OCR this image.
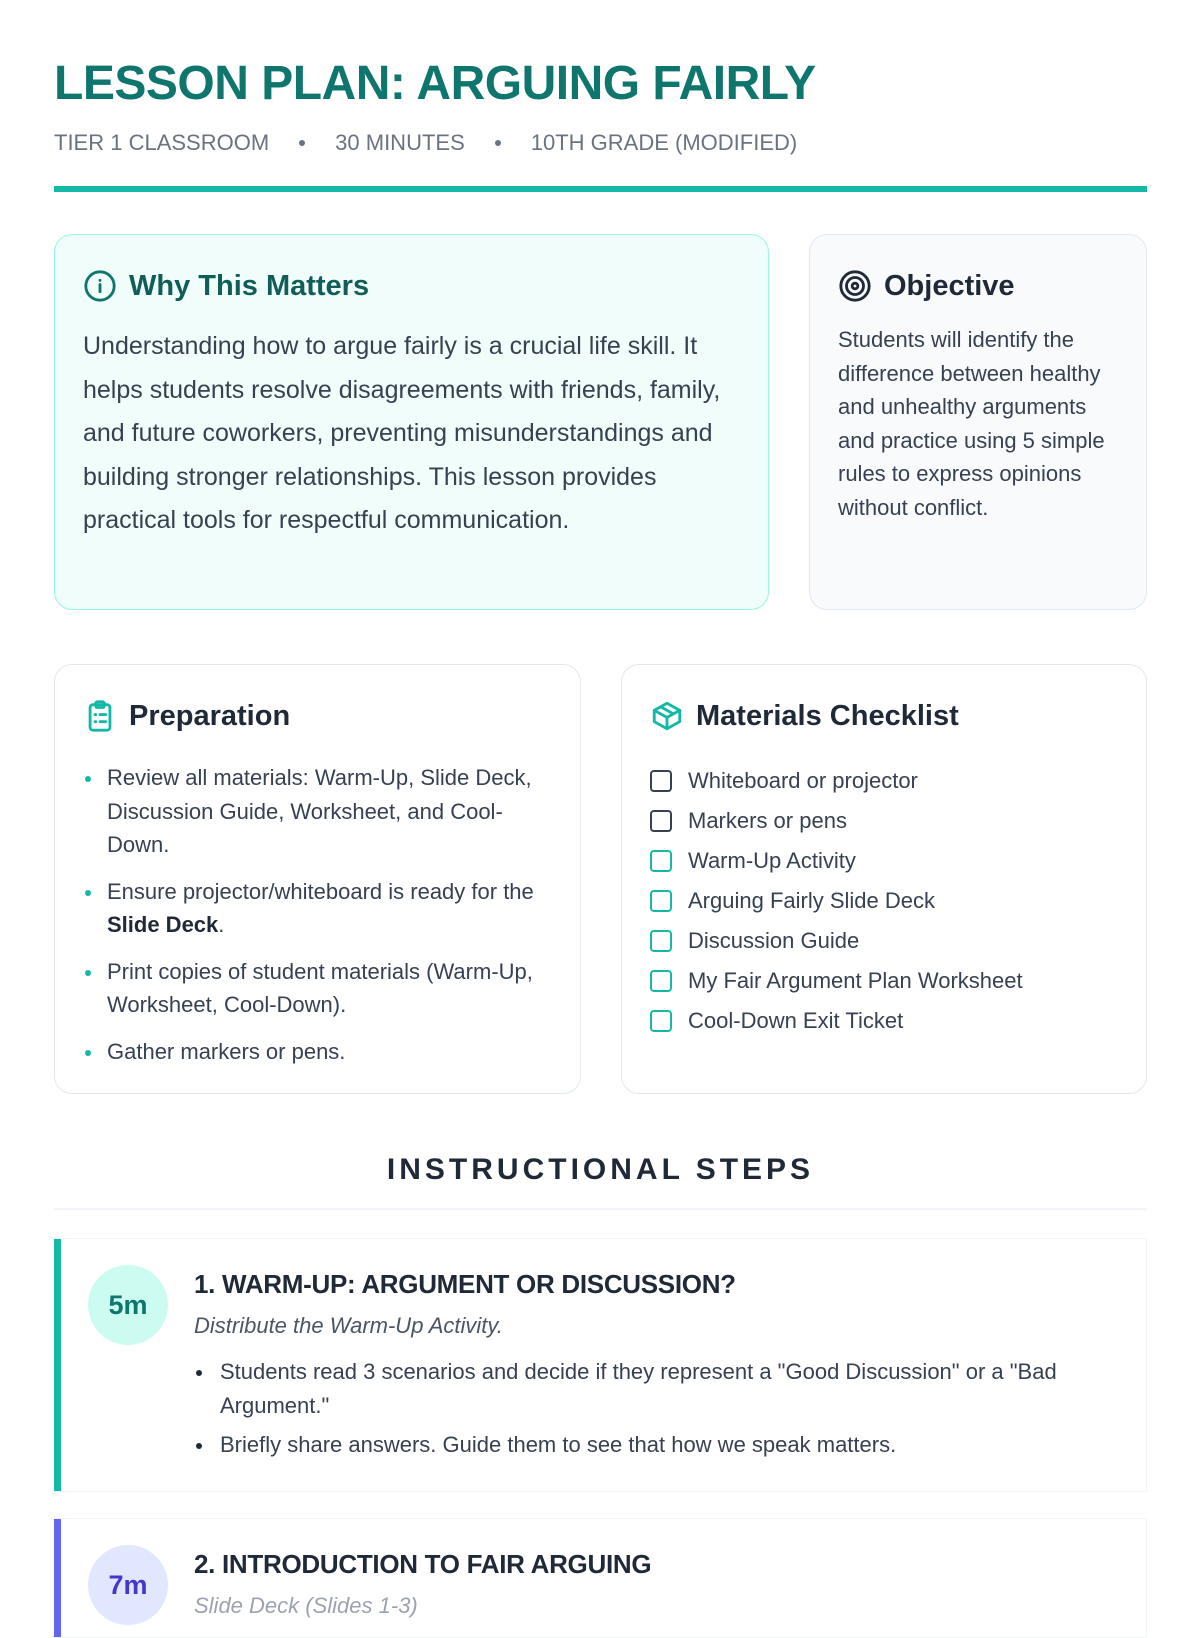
LESSON PLAN: ARGUING FAIRLY
TIER 1 CLASSROOM	30 MINUTES	10TH GRADE (MODIFIED)
Why This Matters

Understanding how to argue fairly is a crucial life skill. It helps students resolve disagreements with friends, family, and future coworkers, preventing misunderstandings and building stronger relationships. This lesson provides practical tools for respectful communication.

Objective

Students will identify the difference between healthy and unhealthy arguments and practice using 5 simple rules to express opinions without conflict.

Preparation
Review all materials: Warm-Up, Slide Deck, Discussion Guide, Worksheet, and Cool-Down.
Ensure projector/whiteboard is ready for the Slide Deck.
Print copies of student materials (Warm-Up, Worksheet, Cool-Down).
Gather markers or pens.
Materials Checklist
Whiteboard or projector
Markers or pens
Warm-Up Activity
Arguing Fairly Slide Deck
Discussion Guide
My Fair Argument Plan Worksheet
Cool-Down Exit Ticket
INSTRUCTIONAL STEPS
5m
1. WARM-UP: ARGUMENT OR DISCUSSION?

Distribute the Warm-Up Activity.

Students read 3 scenarios and decide if they represent a "Good Discussion" or a "Bad Argument."
Briefly share answers. Guide them to see that how we speak matters.
7m
2. INTRODUCTION TO FAIR ARGUING

Slide Deck (Slides 1-3)
